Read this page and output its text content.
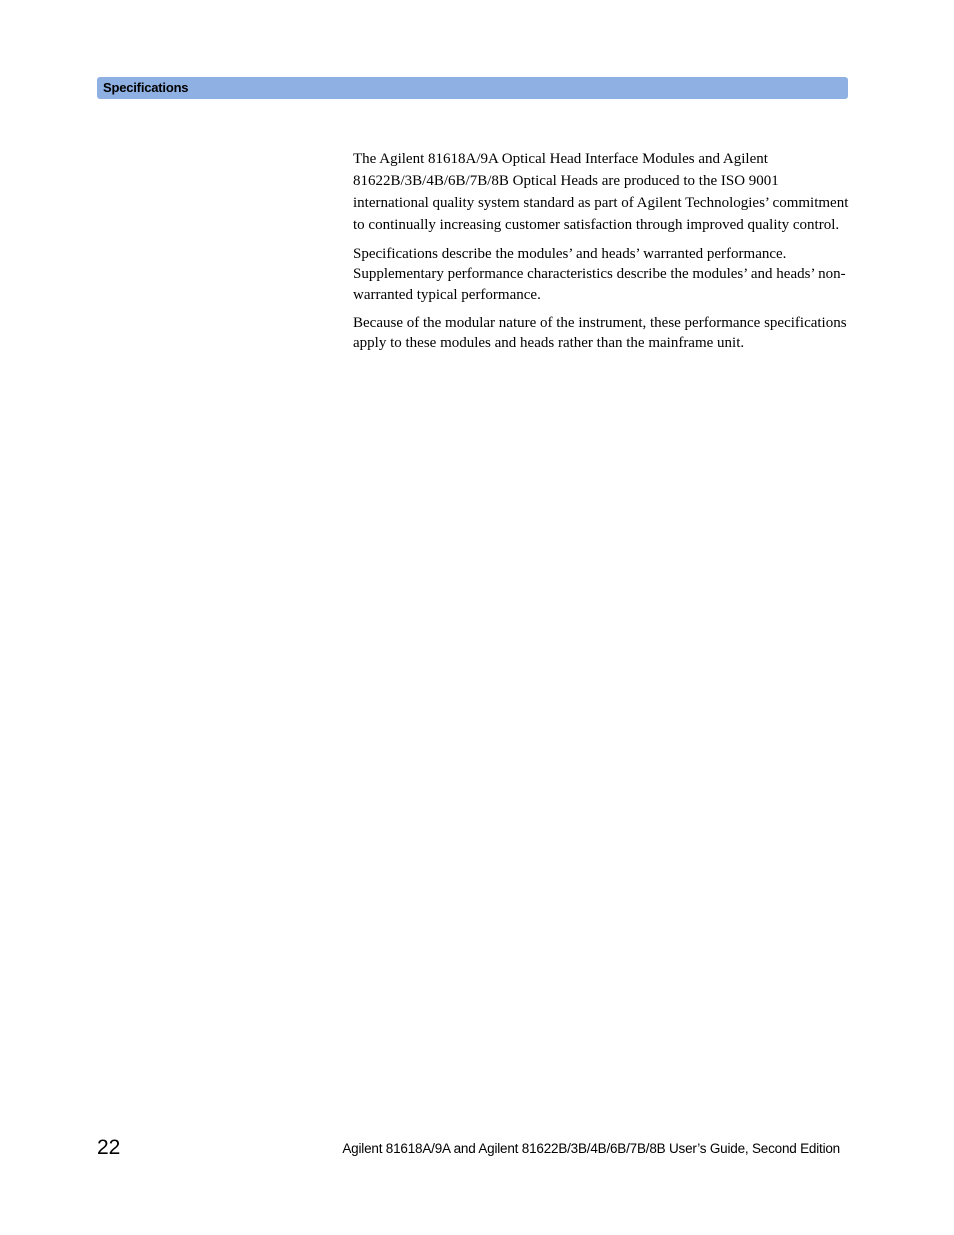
Specifications

The Agilent 81618A/9A Optical Head Interface Modules and Agilent 81622B/3B/4B/6B/7B/8B Optical Heads are produced to the ISO 9001 international quality system standard as part of Agilent Technologies’ commitment to continually increasing customer satisfaction through improved quality control.

Specifications describe the modules’ and heads’ warranted performance. Supplementary performance characteristics describe the modules’ and heads’ non-warranted typical performance.

Because of the modular nature of the instrument, these performance specifications apply to these modules and heads rather than the mainframe unit.

22	Agilent 81618A/9A and Agilent 81622B/3B/4B/6B/7B/8B User’s Guide, Second Edition
